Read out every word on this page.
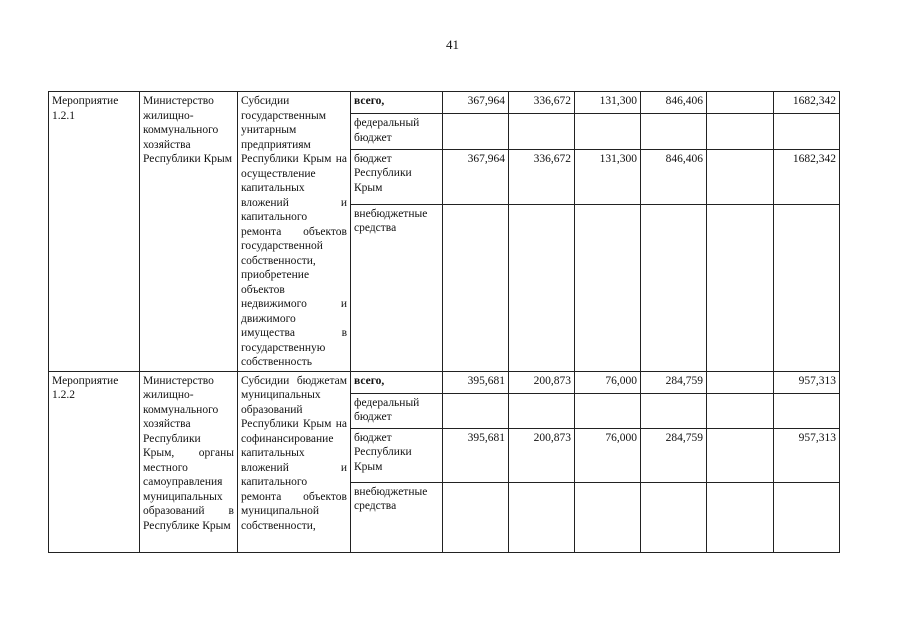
41
Мероприятие 1.2.1	Министерство жилищно-коммунального хозяйства Республики Крым	Субсидии государственным унитарным предприятиям Республики Крым на осуществление капитальных вложений и капитального ремонта объектов государственной собственности, приобретение объектов недвижимого и движимого имущества в государственную собственность	всего,	367,964	336,672	131,300	846,406		1682,342
			федеральный бюджет						
			бюджет Республики Крым	367,964	336,672	131,300	846,406		1682,342
			внебюджетные средства						
Мероприятие 1.2.2	Министерство жилищно-коммунального хозяйства Республики Крым, органы местного самоуправления муниципальных образований в Республике Крым	Субсидии бюджетам муниципальных образований Республики Крым на софинансирование капитальных вложений и капитального ремонта объектов муниципальной собственности,	всего,	395,681	200,873	76,000	284,759		957,313
			федеральный бюджет						
			бюджет Республики Крым	395,681	200,873	76,000	284,759		957,313
			внебюджетные средства						
